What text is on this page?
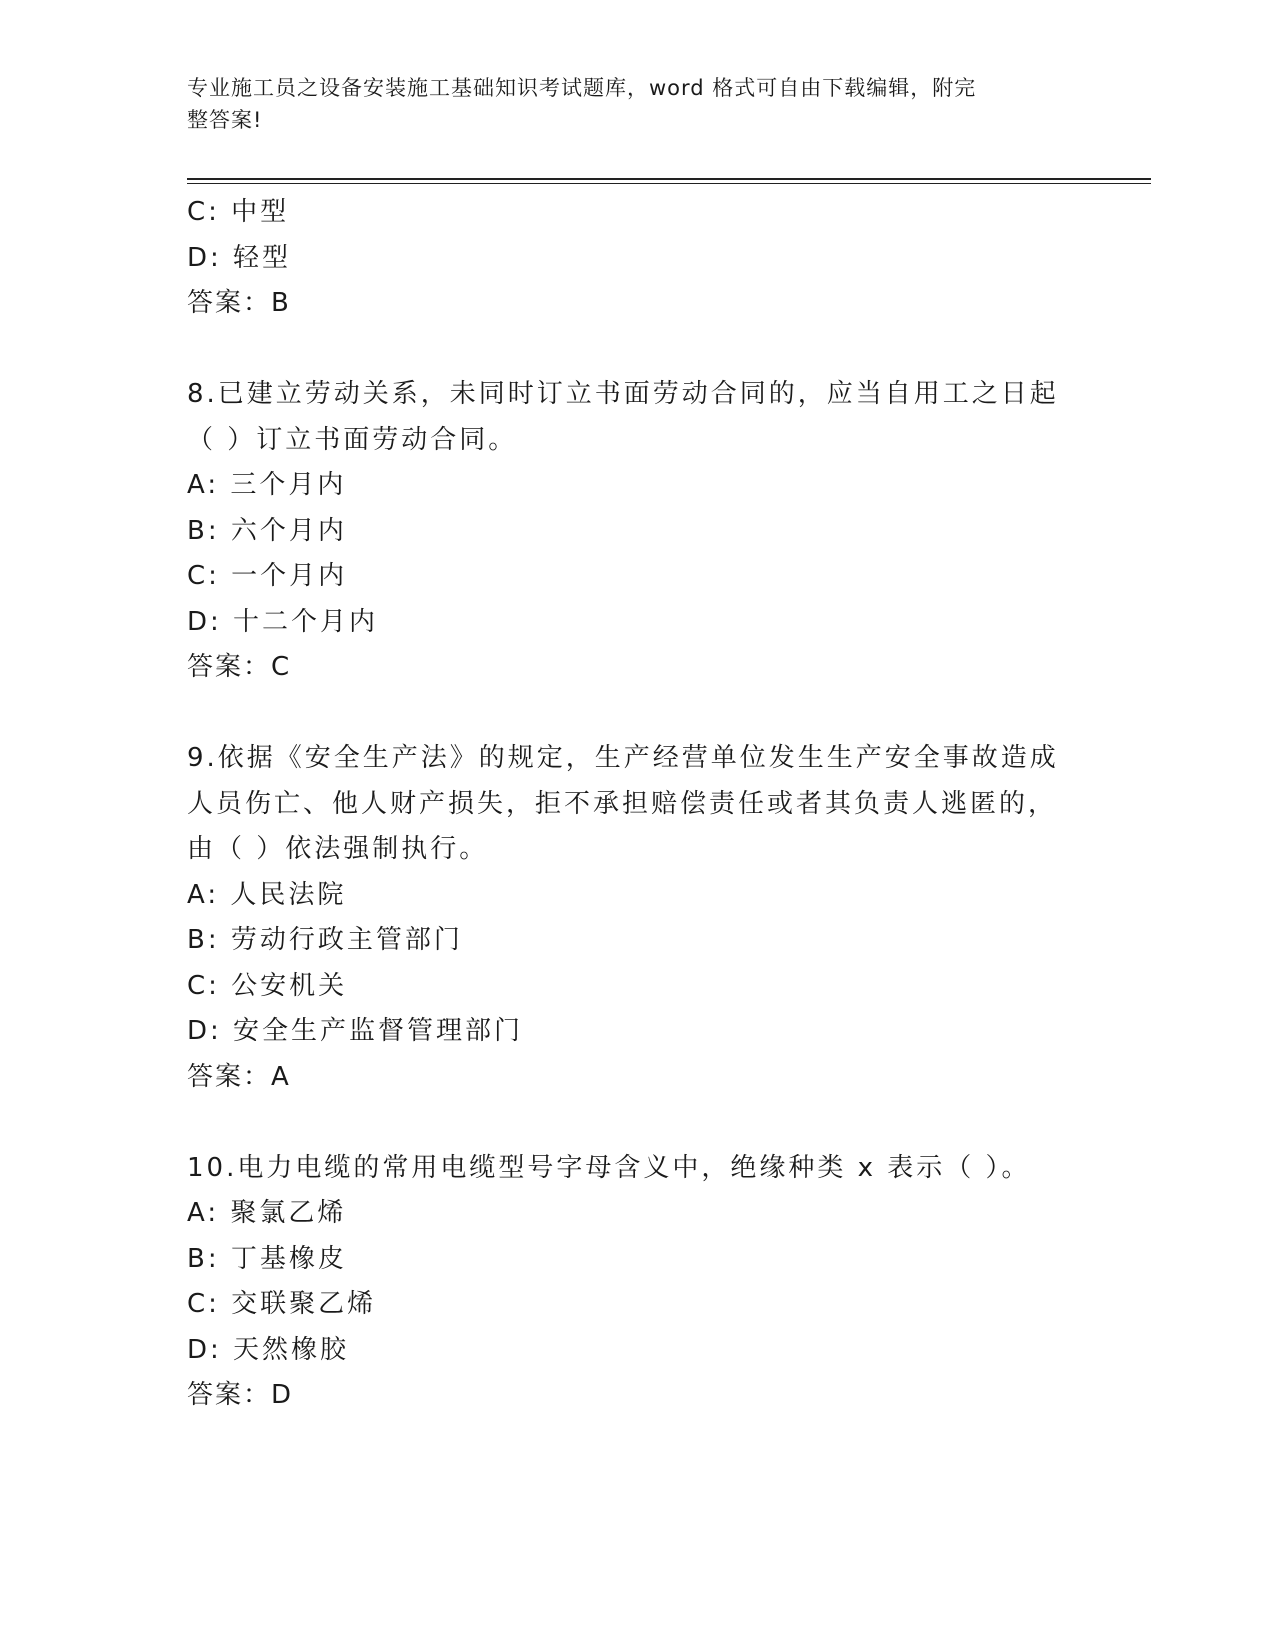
专业施工员之设备安装施工基础知识考试题库，word 格式可自由下载编辑，附完
整答案!
C: 中型
D: 轻型
答案：B
8.已建立劳动关系，未同时订立书面劳动合同的，应当自用工之日起
（ ）订立书面劳动合同。
A: 三个月内
B: 六个月内
C: 一个月内
D: 十二个月内
答案：C
9.依据《安全生产法》的规定，生产经营单位发生生产安全事故造成
人员伤亡、他人财产损失，拒不承担赔偿责任或者其负责人逃匿的，
由（ ）依法强制执行。
A: 人民法院
B: 劳动行政主管部门
C: 公安机关
D: 安全生产监督管理部门
答案：A
10.电力电缆的常用电缆型号字母含义中，绝缘种类 x 表示（ ）。
A: 聚氯乙烯
B: 丁基橡皮
C: 交联聚乙烯
D: 天然橡胶
答案：D
